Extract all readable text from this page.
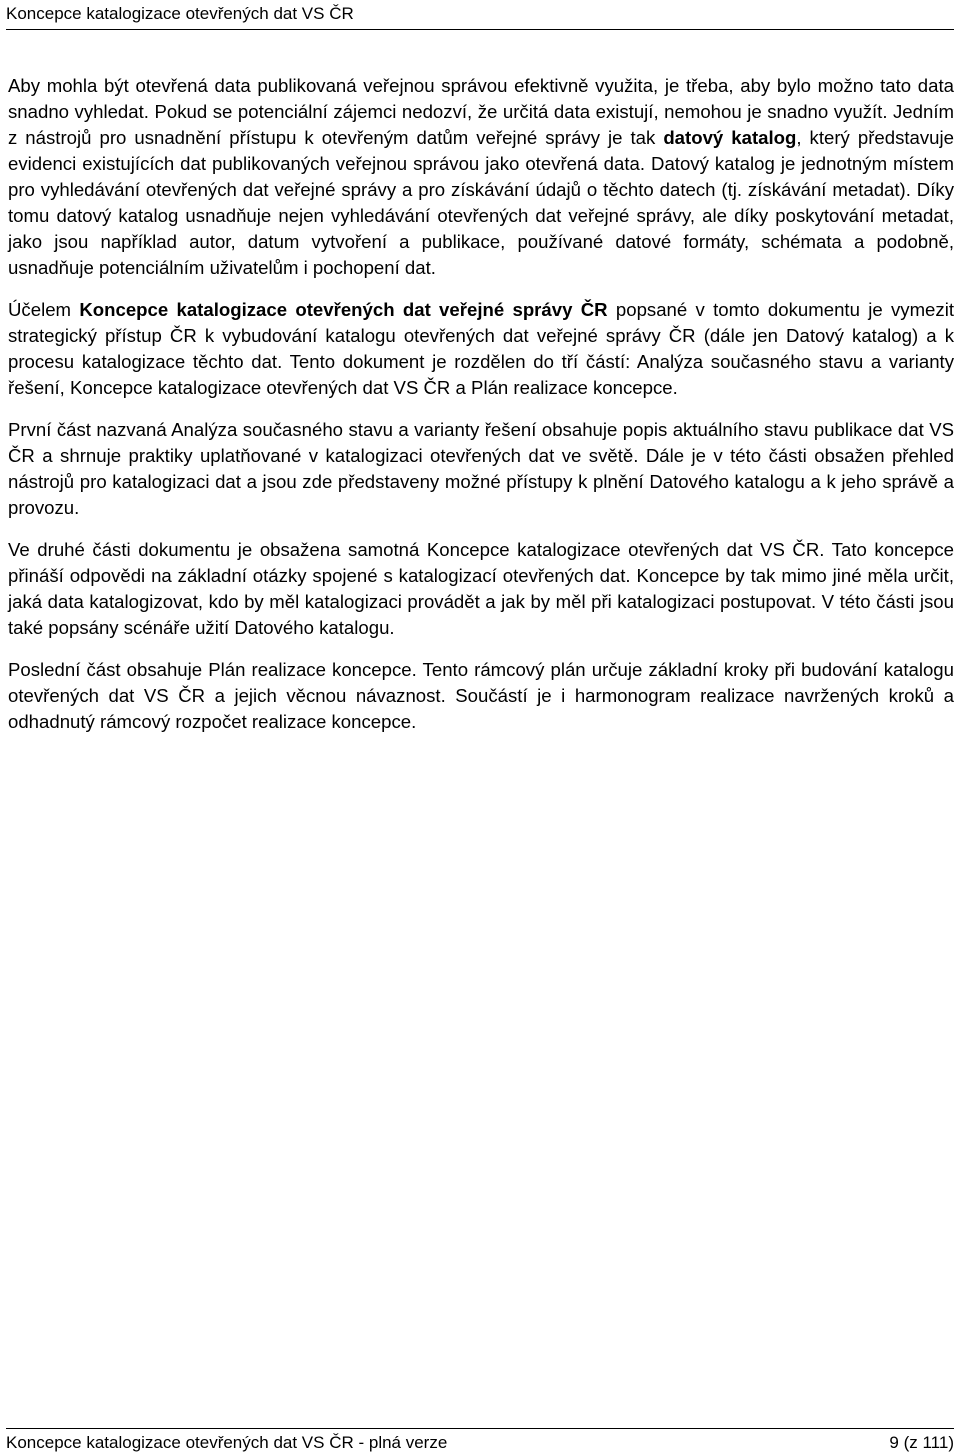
Koncepce katalogizace otevřených dat VS ČR

Aby mohla být otevřená data publikovaná veřejnou správou efektivně využita, je třeba, aby bylo možno tato data snadno vyhledat. Pokud se potenciální zájemci nedozví, že určitá data existují, nemohou je snadno využít. Jedním z nástrojů pro usnadnění přístupu k otevřeným datům veřejné správy je tak datový katalog, který představuje evidenci existujících dat publikovaných veřejnou správou jako otevřená data. Datový katalog je jednotným místem pro vyhledávání otevřených dat veřejné správy a pro získávání údajů o těchto datech (tj. získávání metadat). Díky tomu datový katalog usnadňuje nejen vyhledávání otevřených dat veřejné správy, ale díky poskytování metadat, jako jsou například autor, datum vytvoření a publikace, používané datové formáty, schémata a podobně, usnadňuje potenciálním uživatelům i pochopení dat.

Účelem Koncepce katalogizace otevřených dat veřejné správy ČR popsané v tomto dokumentu je vymezit strategický přístup ČR k vybudování katalogu otevřených dat veřejné správy ČR (dále jen Datový katalog) a k procesu katalogizace těchto dat. Tento dokument je rozdělen do tří částí: Analýza současného stavu a varianty řešení, Koncepce katalogizace otevřených dat VS ČR a Plán realizace koncepce.

První část nazvaná Analýza současného stavu a varianty řešení obsahuje popis aktuálního stavu publikace dat VS ČR a shrnuje praktiky uplatňované v katalogizaci otevřených dat ve světě. Dále je v této části obsažen přehled nástrojů pro katalogizaci dat a jsou zde představeny možné přístupy k plnění Datového katalogu a k jeho správě a provozu.

Ve druhé části dokumentu je obsažena samotná Koncepce katalogizace otevřených dat VS ČR. Tato koncepce přináší odpovědi na základní otázky spojené s katalogizací otevřených dat. Koncepce by tak mimo jiné měla určit, jaká data katalogizovat, kdo by měl katalogizaci provádět a jak by měl při katalogizaci postupovat. V této části jsou také popsány scénáře užití Datového katalogu.

Poslední část obsahuje Plán realizace koncepce. Tento rámcový plán určuje základní kroky při budování katalogu otevřených dat VS ČR a jejich věcnou návaznost. Součástí je i harmonogram realizace navržených kroků a odhadnutý rámcový rozpočet realizace koncepce.

Koncepce katalogizace otevřených dat VS ČR - plná verze	9 (z 111)
